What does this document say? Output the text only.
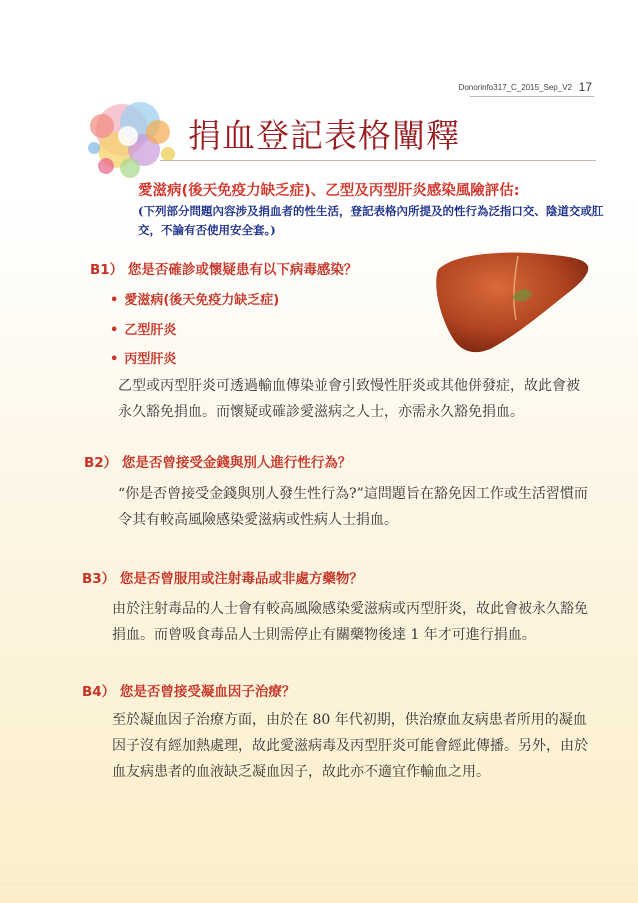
Donorinfo317_C_2015_Sep_V2 17
捐血登記表格闡釋
愛滋病(後天免疫力缺乏症)、乙型及丙型肝炎感染風險評估:
(下列部分問題內容涉及捐血者的性生活，登記表格內所提及的性行為泛指口交、陰道交或肛交，不論有否使用安全套。)
B1） 您是否確診或懷疑患有以下病毒感染？
• 愛滋病(後天免疫力缺乏症)
• 乙型肝炎
• 丙型肝炎
乙型或丙型肝炎可透過輸血傳染並會引致慢性肝炎或其他併發症，故此會被永久豁免捐血。而懷疑或確診愛滋病之人士，亦需永久豁免捐血。
B2） 您是否曾接受金錢與別人進行性行為？
“你是否曾接受金錢與別人發生性行為?”這問題旨在豁免因工作或生活習慣而令其有較高風險感染愛滋病或性病人士捐血。
B3） 您是否曾服用或注射毒品或非處方藥物？
由於注射毒品的人士會有較高風險感染愛滋病或丙型肝炎，故此會被永久豁免捐血。而曾吸食毒品人士則需停止有關藥物後達 1 年才可進行捐血。
B4） 您是否曾接受凝血因子治療？
至於凝血因子治療方面，由於在 80 年代初期，供治療血友病患者所用的凝血因子沒有經加熱處理，故此愛滋病毒及丙型肝炎可能會經此傳播。另外，由於血友病患者的血液缺乏凝血因子，故此亦不適宜作輸血之用。
